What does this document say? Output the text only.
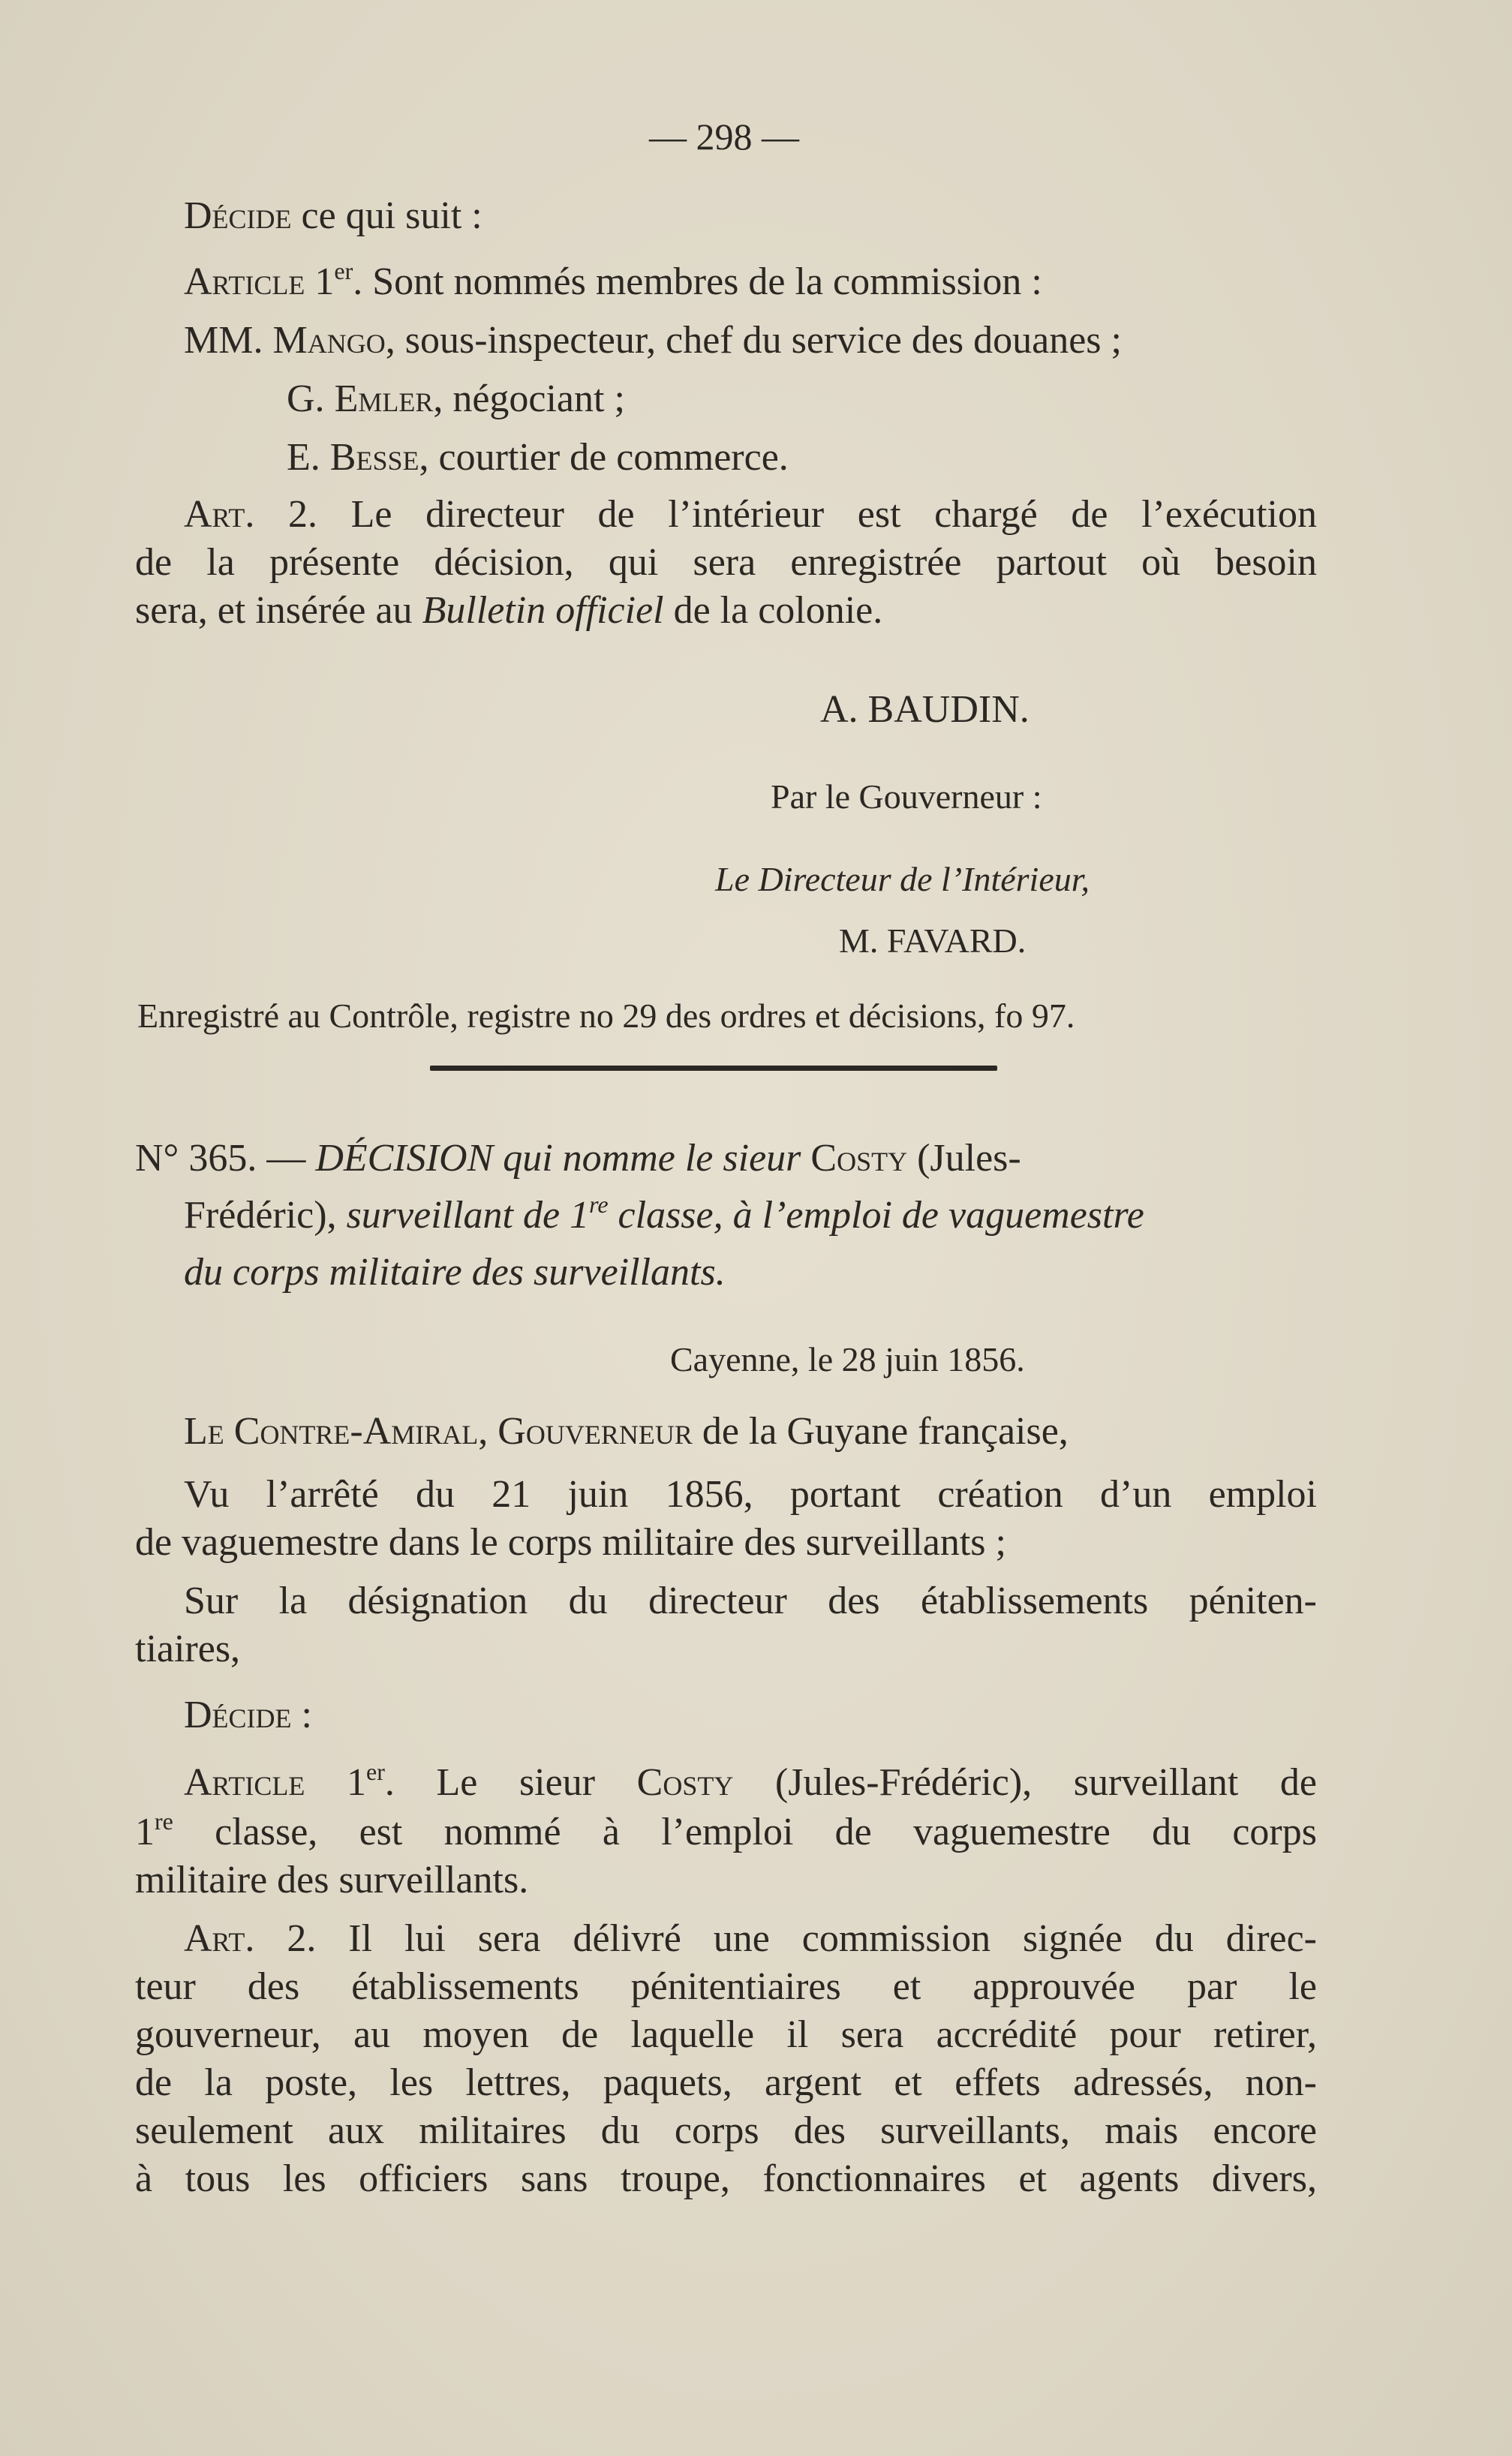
— 298 —
Décide ce qui suit :
Article 1er. Sont nommés membres de la commission :
MM. Mango, sous-inspecteur, chef du service des douanes ;
G. Emler, négociant ;
E. Besse, courtier de commerce.
Art. 2. Le directeur de l’intérieur est chargé de l’exécution
de la présente décision, qui sera enregistrée partout où besoin
sera, et insérée au Bulletin officiel de la colonie.
A. BAUDIN.
Par le Gouverneur :
Le Directeur de l’Intérieur,
M. FAVARD.
Enregistré au Contrôle, registre no 29 des ordres et décisions, fo 97.
N° 365. — DÉCISION qui nomme le sieur Costy (Jules-
Frédéric), surveillant de 1re classe, à l’emploi de vaguemestre
du corps militaire des surveillants.
Cayenne, le 28 juin 1856.
Le Contre-Amiral, Gouverneur de la Guyane française,
Vu l’arrêté du 21 juin 1856, portant création d’un emploi
de vaguemestre dans le corps militaire des surveillants ;
Sur la désignation du directeur des établissements péniten-
tiaires,
Décide :
Article 1er. Le sieur Costy (Jules-Frédéric), surveillant de
1re classe, est nommé à l’emploi de vaguemestre du corps
militaire des surveillants.
Art. 2. Il lui sera délivré une commission signée du direc-
teur des établissements pénitentiaires et approuvée par le
gouverneur, au moyen de laquelle il sera accrédité pour retirer,
de la poste, les lettres, paquets, argent et effets adressés, non-
seulement aux militaires du corps des surveillants, mais encore
à tous les officiers sans troupe, fonctionnaires et agents divers,
